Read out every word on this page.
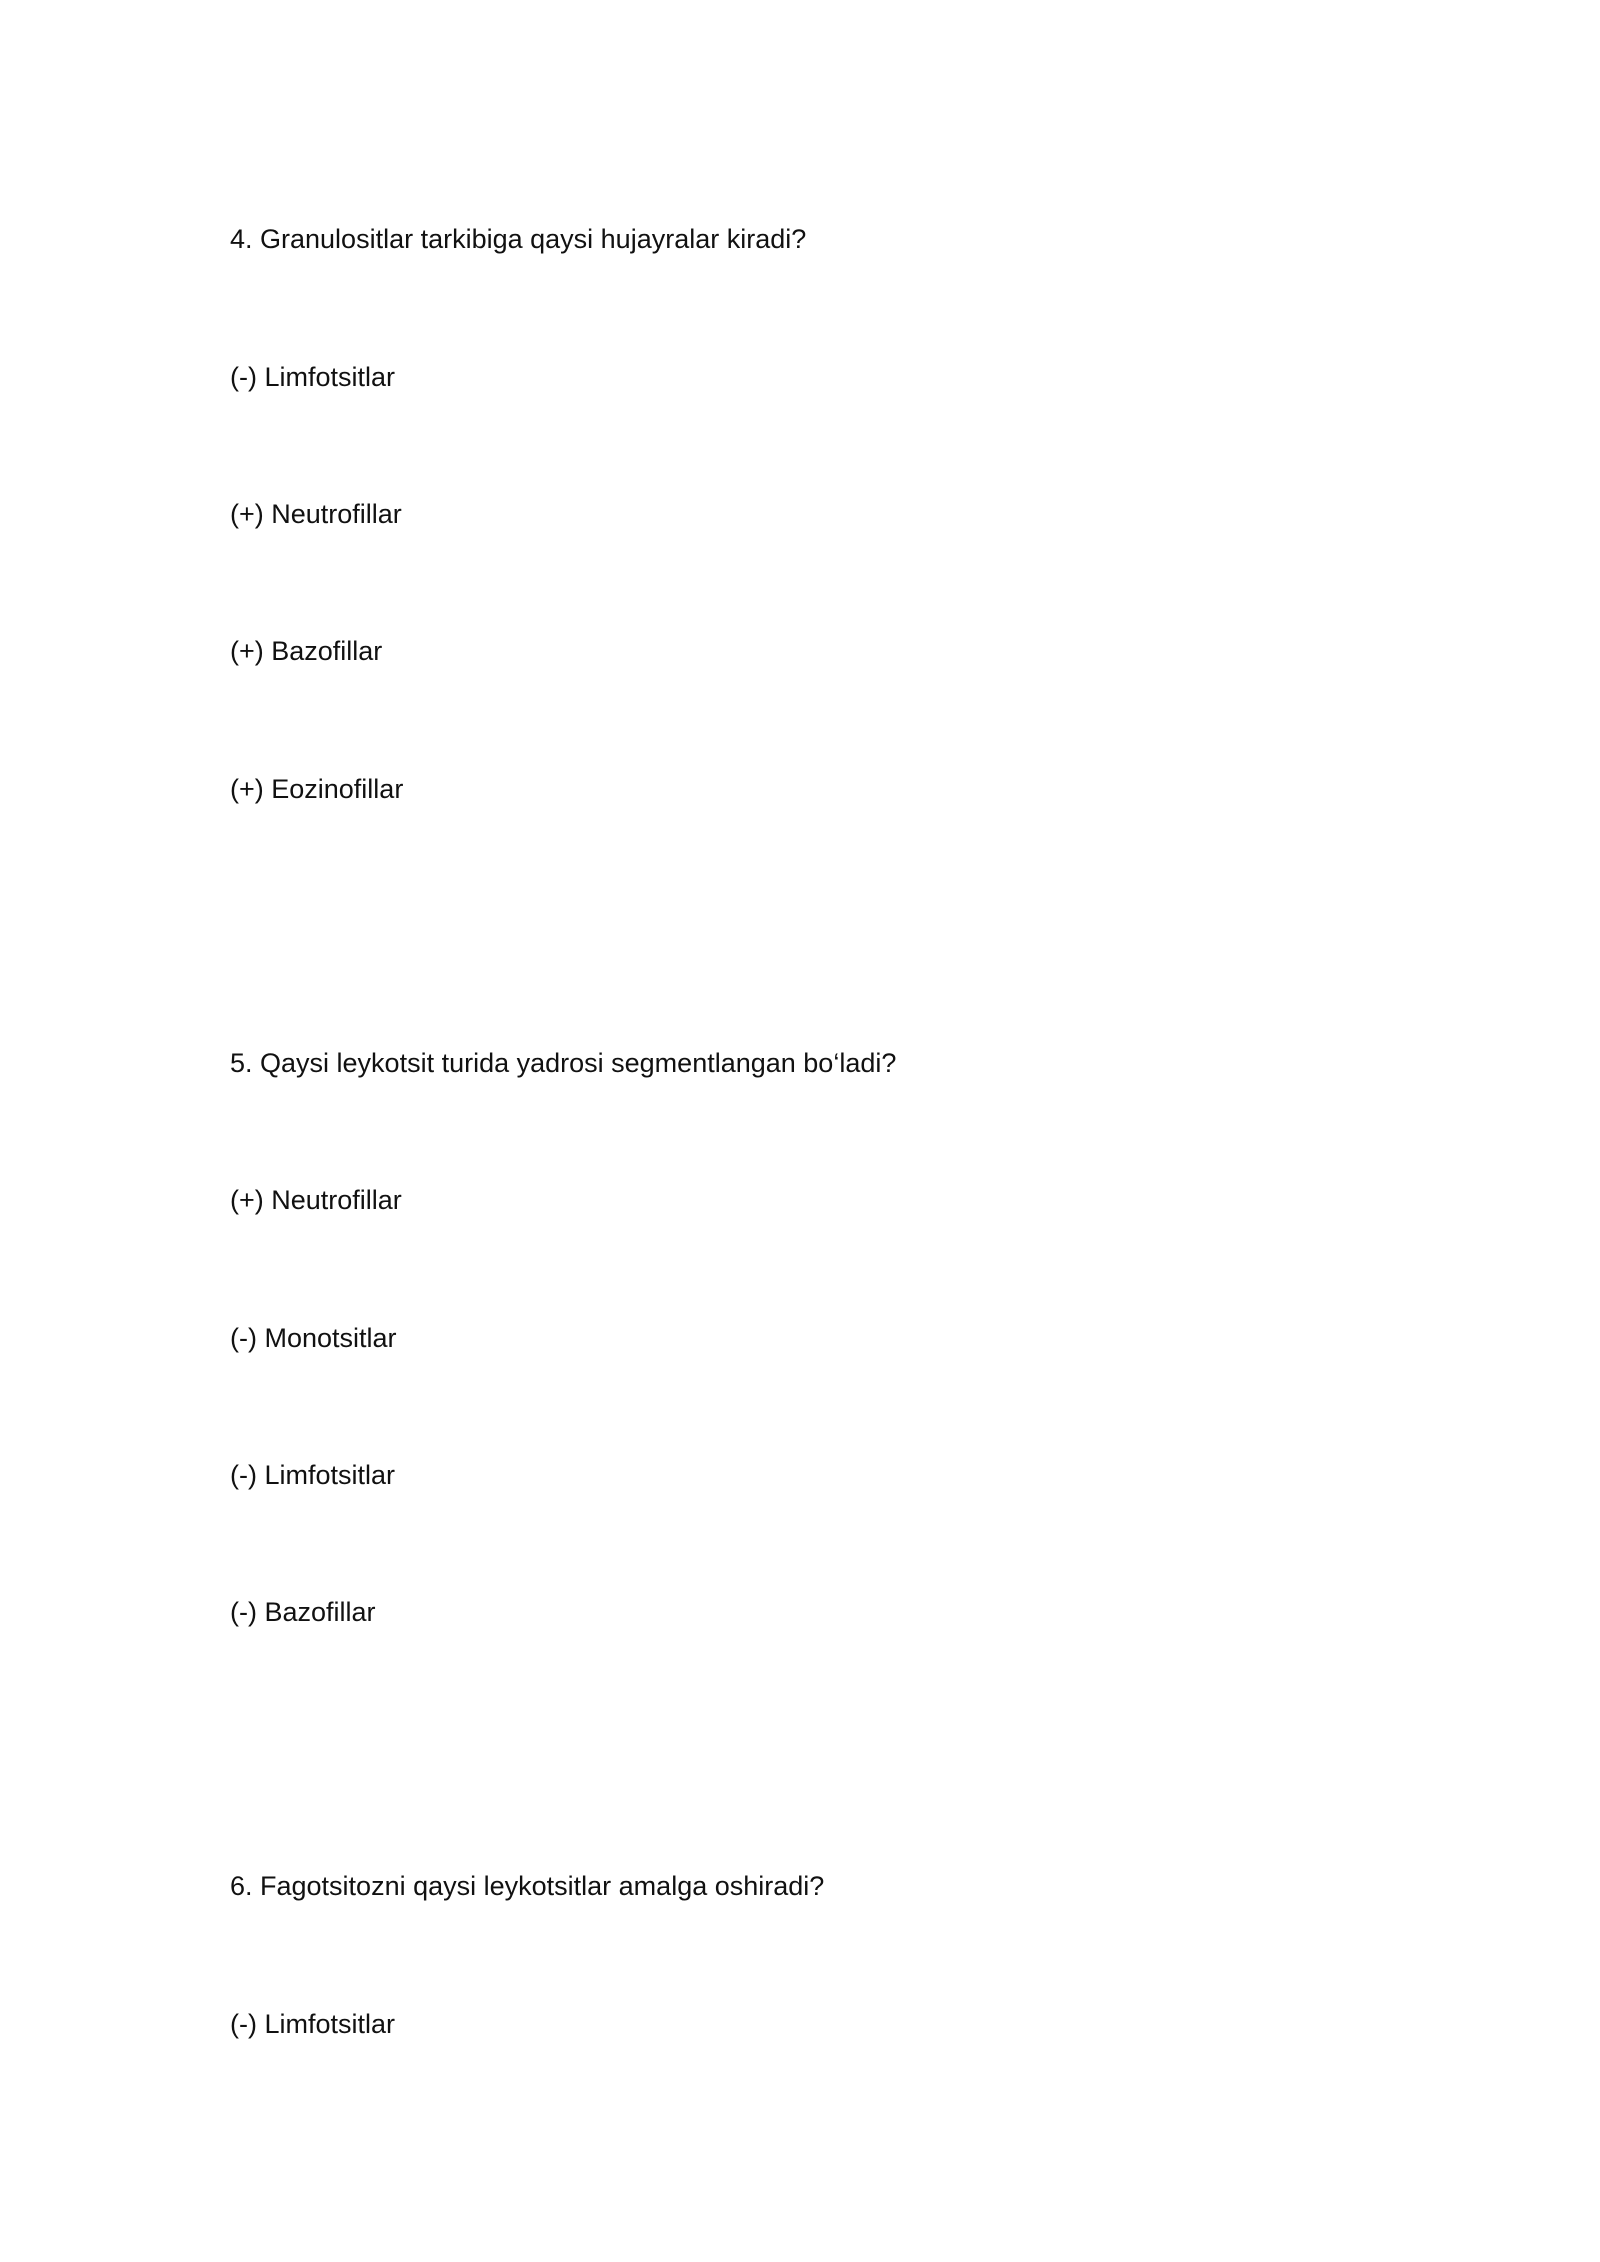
4. Granulositlar tarkibiga qaysi hujayralar kiradi?
(-) Limfotsitlar
(+) Neutrofillar
(+) Bazofillar
(+) Eozinofillar
5. Qaysi leykotsit turida yadrosi segmentlangan bo‘ladi?
(+) Neutrofillar
(-) Monotsitlar
(-) Limfotsitlar
(-) Bazofillar
6. Fagotsitozni qaysi leykotsitlar amalga oshiradi?
(-) Limfotsitlar
